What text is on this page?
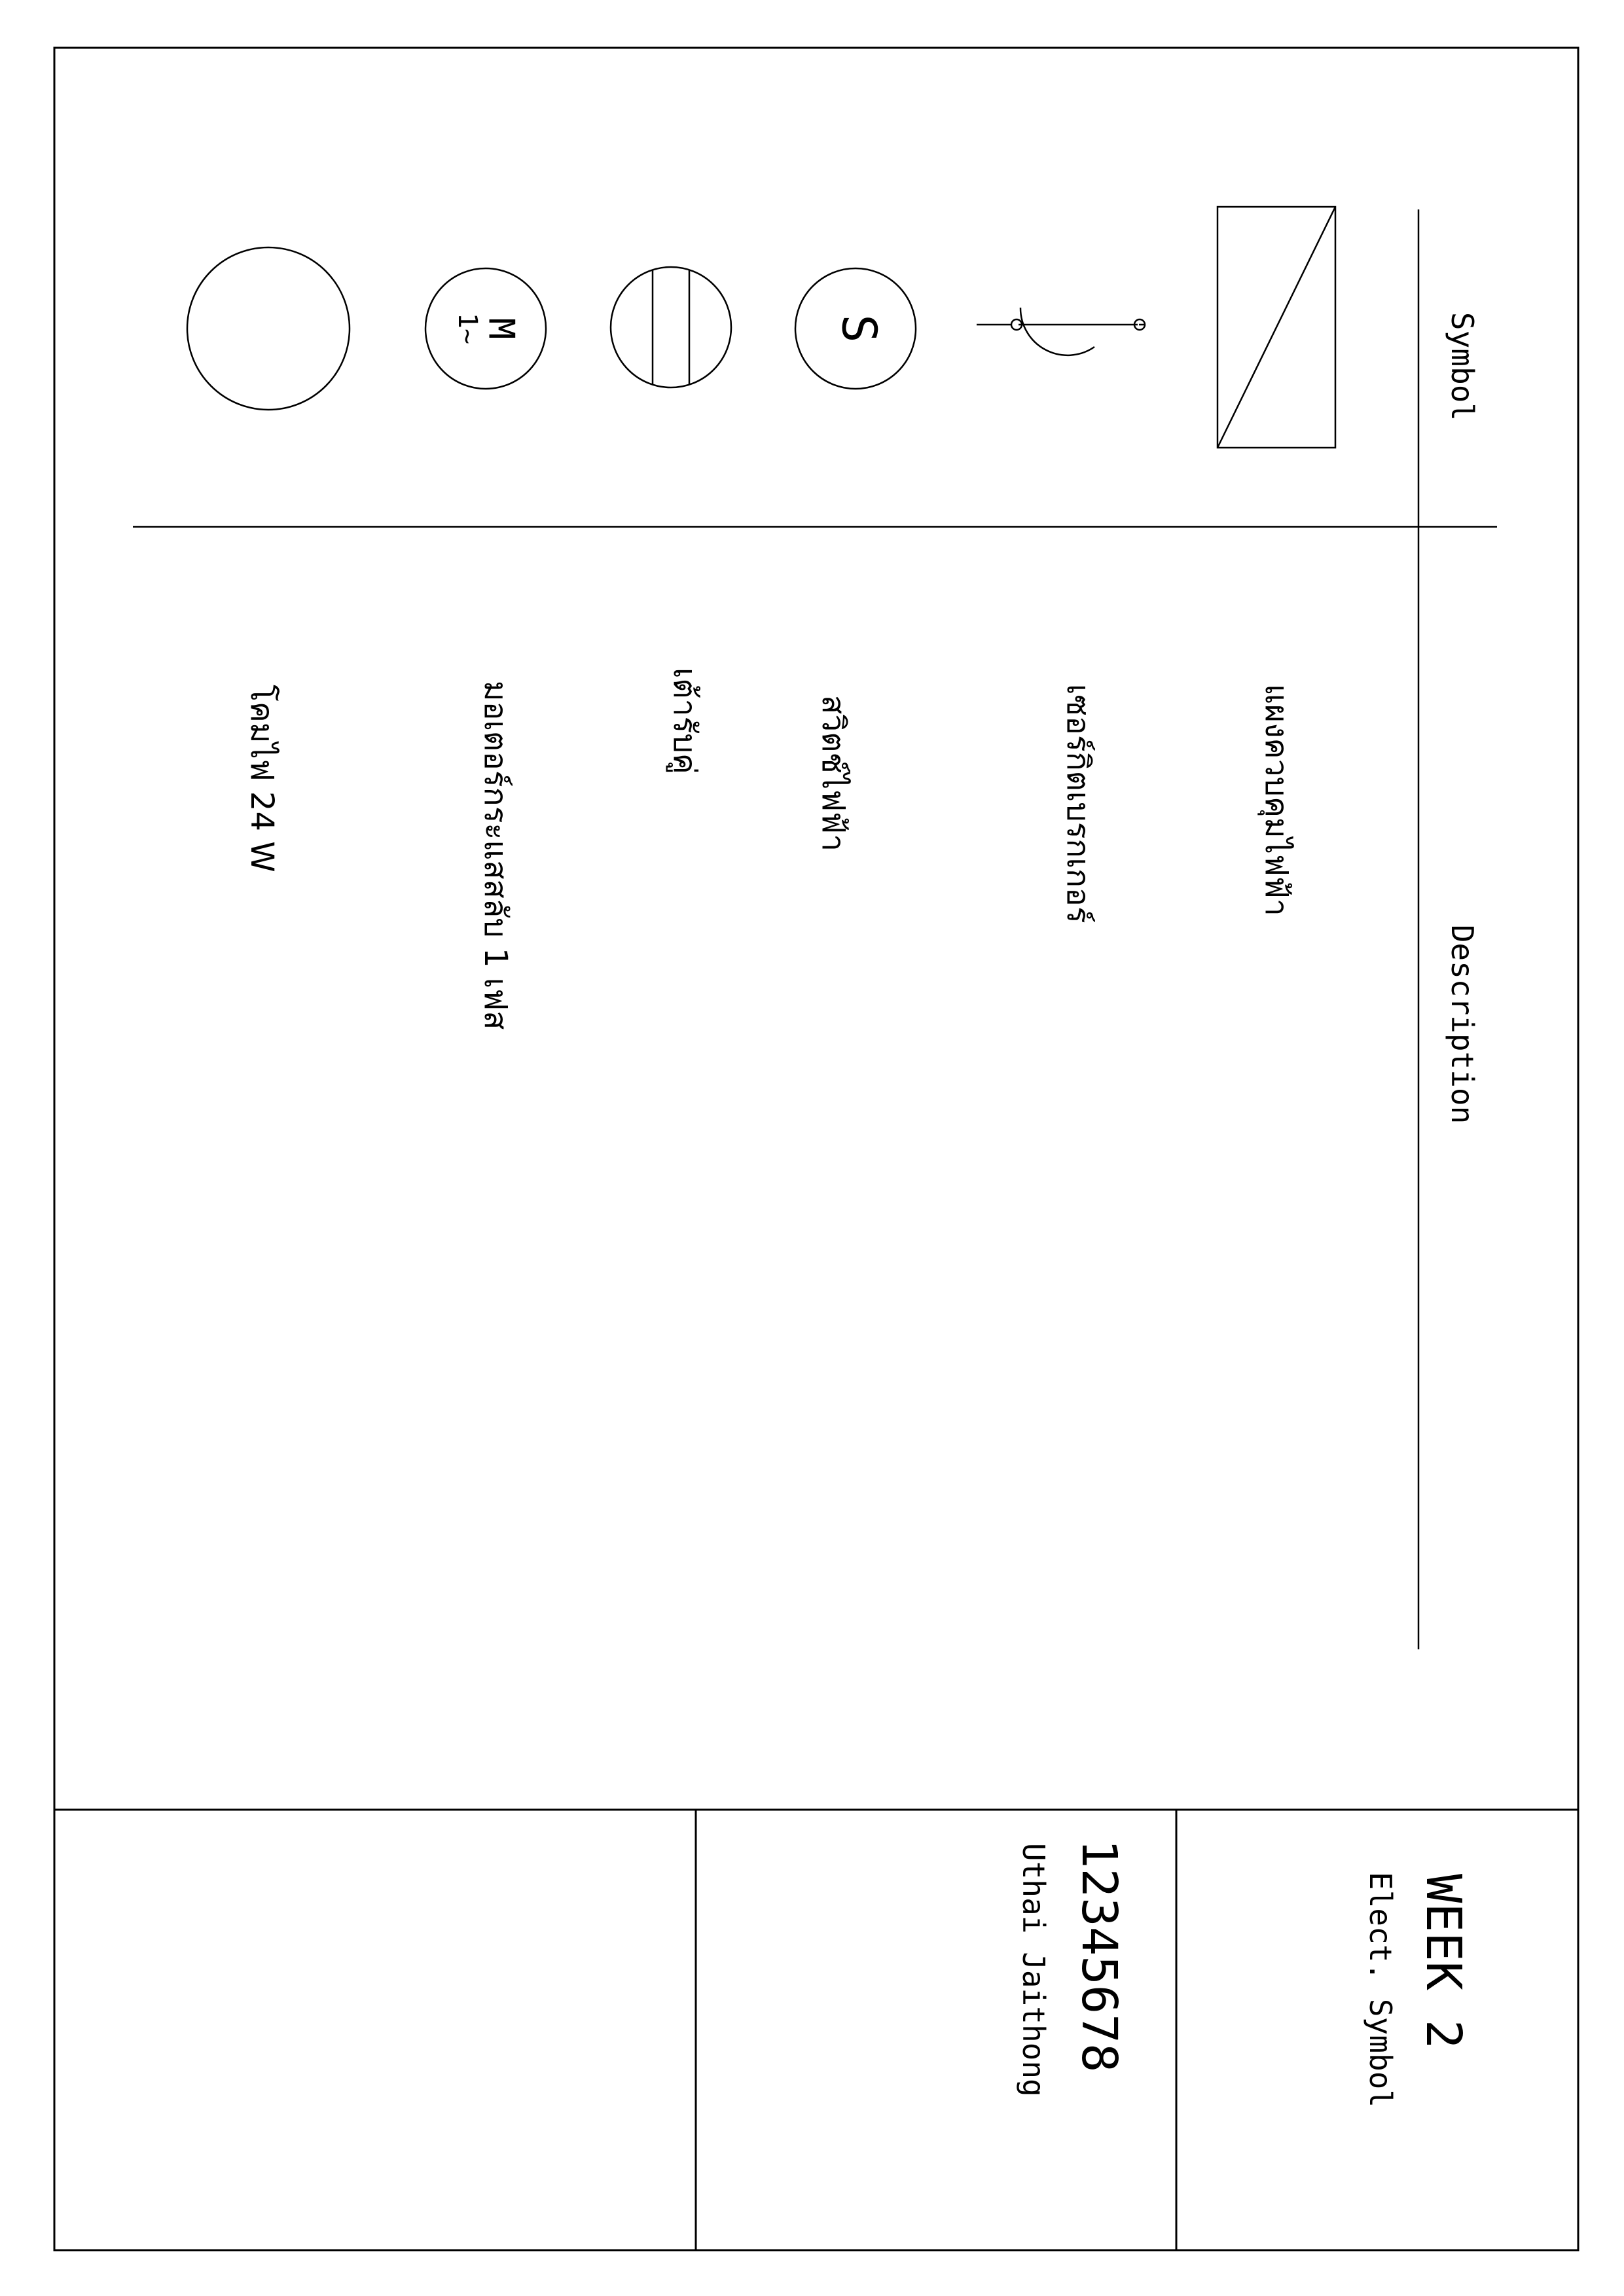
Symbol
Description
S
M
1~
แผงควบคุมไฟฟ้า
เซอร์กิตเบรกเกอร์
สวิตช์ไฟฟ้า
เต้ารับคู่
มอเตอร์กระแสสลับ 1 เฟส
โคมไฟ 24 W
WEEK 2
Elect. Symbol
12345678
Uthai Jaithong
